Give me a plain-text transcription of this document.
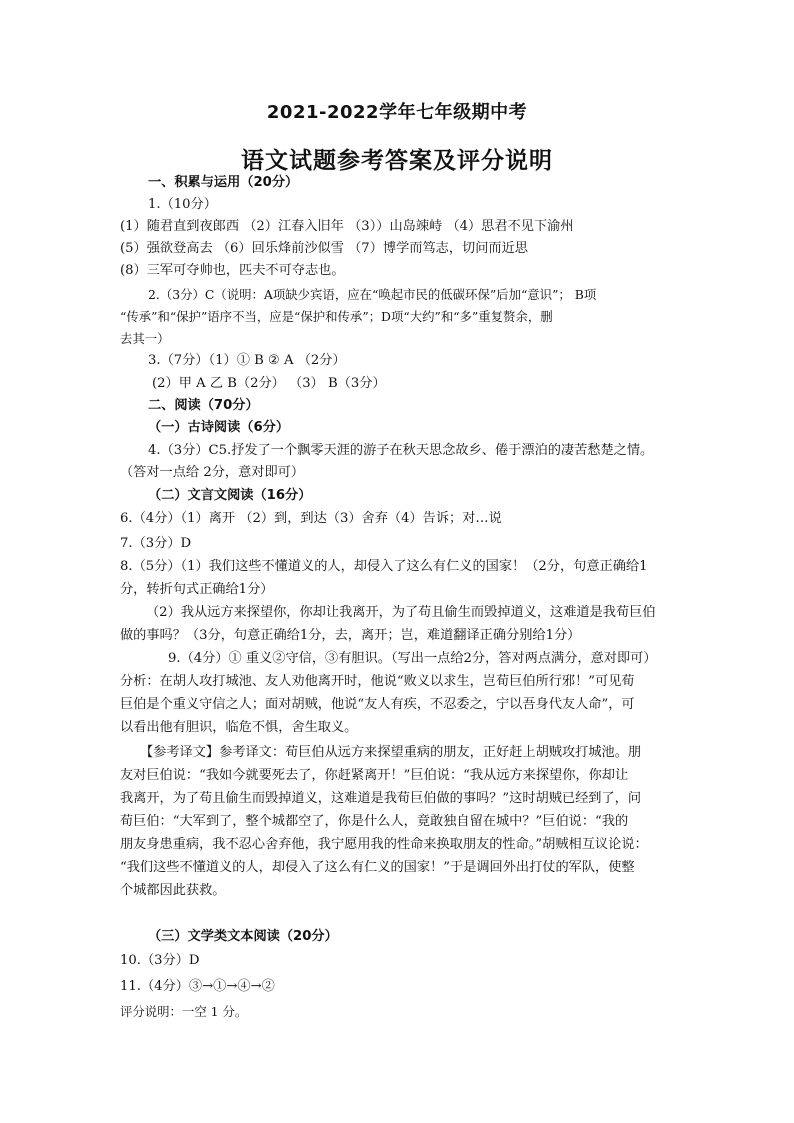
2021-2022学年七年级期中考
语文试题参考答案及评分说明
一、积累与运用（20分）
1.（10分）
(1）随君直到夜郎西 （2）江春入旧年 （3））山岛竦峙 （4）思君不见下渝州
(5）强欲登高去 （6）回乐烽前沙似雪 （7）博学而笃志，切问而近思
(8）三军可夺帅也，匹夫不可夺志也。
2.（3分）C（说明：A项缺少宾语，应在“唤起市民的低碳环保”后加“意识”； B项
“传承”和“保护”语序不当，应是“保护和传承”；D项“大约”和“多”重复赘余，删
去其一）
3.（7分）（1）① B ② A （2分）
(2）甲 A 乙 B（2分） （3） B（3分）
二、阅读（70分）
（一）古诗阅读（6分）
4.（3分）C5.抒发了一个飘零天涯的游子在秋天思念故乡、倦于漂泊的凄苦愁楚之情。
（答对一点给 2分，意对即可）
（二）文言文阅读（16分）
6.（4分）（1）离开 （2）到，到达（3）舍弃（4）告诉；对…说
7.（3分）D
8.（5分）（1）我们这些不懂道义的人，却侵入了这么有仁义的国家！（2分，句意正确给1
分，转折句式正确给1分）
（2）我从远方来探望你，你却让我离开，为了苟且偷生而毁掉道义，这难道是我荀巨伯
做的事吗？（3分，句意正确给1分，去，离开；岂，难道翻译正确分别给1分）
9.（4分）① 重义②守信，③有胆识。（写出一点给2分，答对两点满分，意对即可）
分析：在胡人攻打城池、友人劝他离开时，他说“败义以求生，岂荀巨伯所行邪！”可见荀
巨伯是个重义守信之人；面对胡贼，他说“友人有疾，不忍委之，宁以吾身代友人命”，可
以看出他有胆识，临危不惧，舍生取义。
【参考译文】参考译文：荀巨伯从远方来探望重病的朋友，正好赶上胡贼攻打城池。朋
友对巨伯说：“我如今就要死去了，你赶紧离开！”巨伯说：“我从远方来探望你，你却让
我离开，为了苟且偷生而毁掉道义，这难道是我荀巨伯做的事吗？”这时胡贼已经到了，问
荀巨伯：“大军到了，整个城都空了，你是什么人，竟敢独自留在城中？”巨伯说：“我的
朋友身患重病，我不忍心舍弃他，我宁愿用我的性命来换取朋友的性命。”胡贼相互议论说：
“我们这些不懂道义的人，却侵入了这么有仁义的国家！”于是调回外出打仗的军队，使整
个城都因此获救。
（三）文学类文本阅读（20分）
10.（3分）D
11.（4分）③→①→④→②
评分说明：一空 1 分。
